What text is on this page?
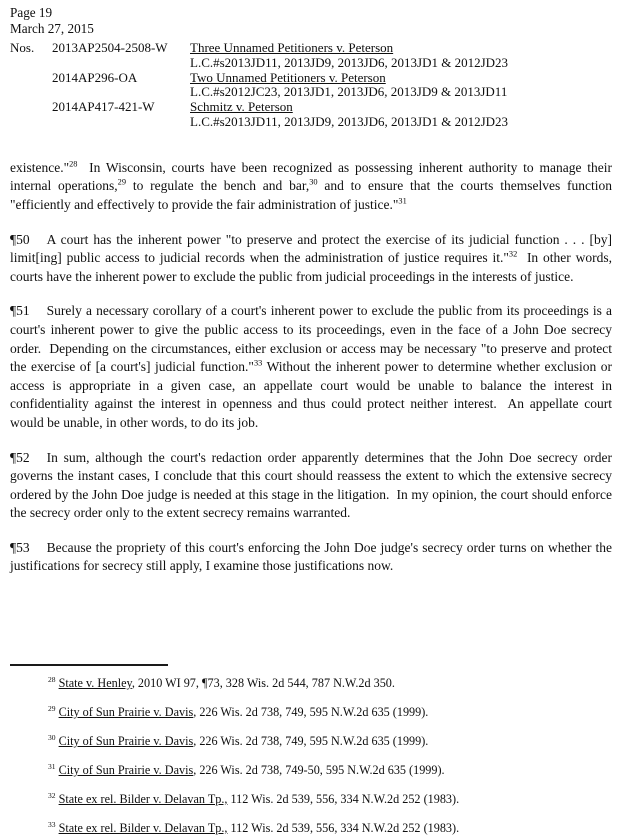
Page 19
March 27, 2015
Nos.	2013AP2504-2508-W	Three Unnamed Petitioners v. Peterson
L.C.#s2013JD11, 2013JD9, 2013JD6, 2013JD1 & 2012JD23
2014AP296-OA	Two Unnamed Petitioners v. Peterson
L.C.#s2012JC23, 2013JD1, 2013JD6, 2013JD9 & 2013JD11
2014AP417-421-W	Schmitz v. Peterson
L.C.#s2013JD11, 2013JD9, 2013JD6, 2013JD1 & 2012JD23

existence."$^{28}$  In Wisconsin, courts have been recognized as possessing inherent authority to manage their internal operations,$^{29}$ to regulate the bench and bar,$^{30}$ and to ensure that the courts themselves function "efficiently and effectively to provide the fair administration of justice."$^{31}$

¶50 A court has the inherent power "to preserve and protect the exercise of its judicial function . . . [by] limit[ing] public access to judicial records when the administration of justice requires it."$^{32}$  In other words, courts have the inherent power to exclude the public from judicial proceedings in the interests of justice.

¶51 Surely a necessary corollary of a court's inherent power to exclude the public from its proceedings is a court's inherent power to give the public access to its proceedings, even in the face of a John Doe secrecy order.  Depending on the circumstances, either exclusion or access may be necessary "to preserve and protect the exercise of [a court's] judicial function."$^{33}$ Without the inherent power to determine whether exclusion or access is appropriate in a given case, an appellate court would be unable to balance the interest in confidentiality against the interest in openness and thus could protect neither interest.  An appellate court would be unable, in other words, to do its job.

¶52 In sum, although the court's redaction order apparently determines that the John Doe secrecy order governs the instant cases, I conclude that this court should reassess the extent to which the extensive secrecy ordered by the John Doe judge is needed at this stage in the litigation.  In my opinion, the court should enforce the secrecy order only to the extent secrecy remains warranted.

¶53 Because the propriety of this court's enforcing the John Doe judge's secrecy order turns on whether the justifications for secrecy still apply, I examine those justifications now.

$^{28}$ State v. Henley, 2010 WI 97, ¶73, 328 Wis. 2d 544, 787 N.W.2d 350.
$^{29}$ City of Sun Prairie v. Davis, 226 Wis. 2d 738, 749, 595 N.W.2d 635 (1999).
$^{30}$ City of Sun Prairie v. Davis, 226 Wis. 2d 738, 749, 595 N.W.2d 635 (1999).
$^{31}$ City of Sun Prairie v. Davis, 226 Wis. 2d 738, 749-50, 595 N.W.2d 635 (1999).
$^{32}$ State ex rel. Bilder v. Delavan Tp., 112 Wis. 2d 539, 556, 334 N.W.2d 252 (1983).
$^{33}$ State ex rel. Bilder v. Delavan Tp., 112 Wis. 2d 539, 556, 334 N.W.2d 252 (1983).
